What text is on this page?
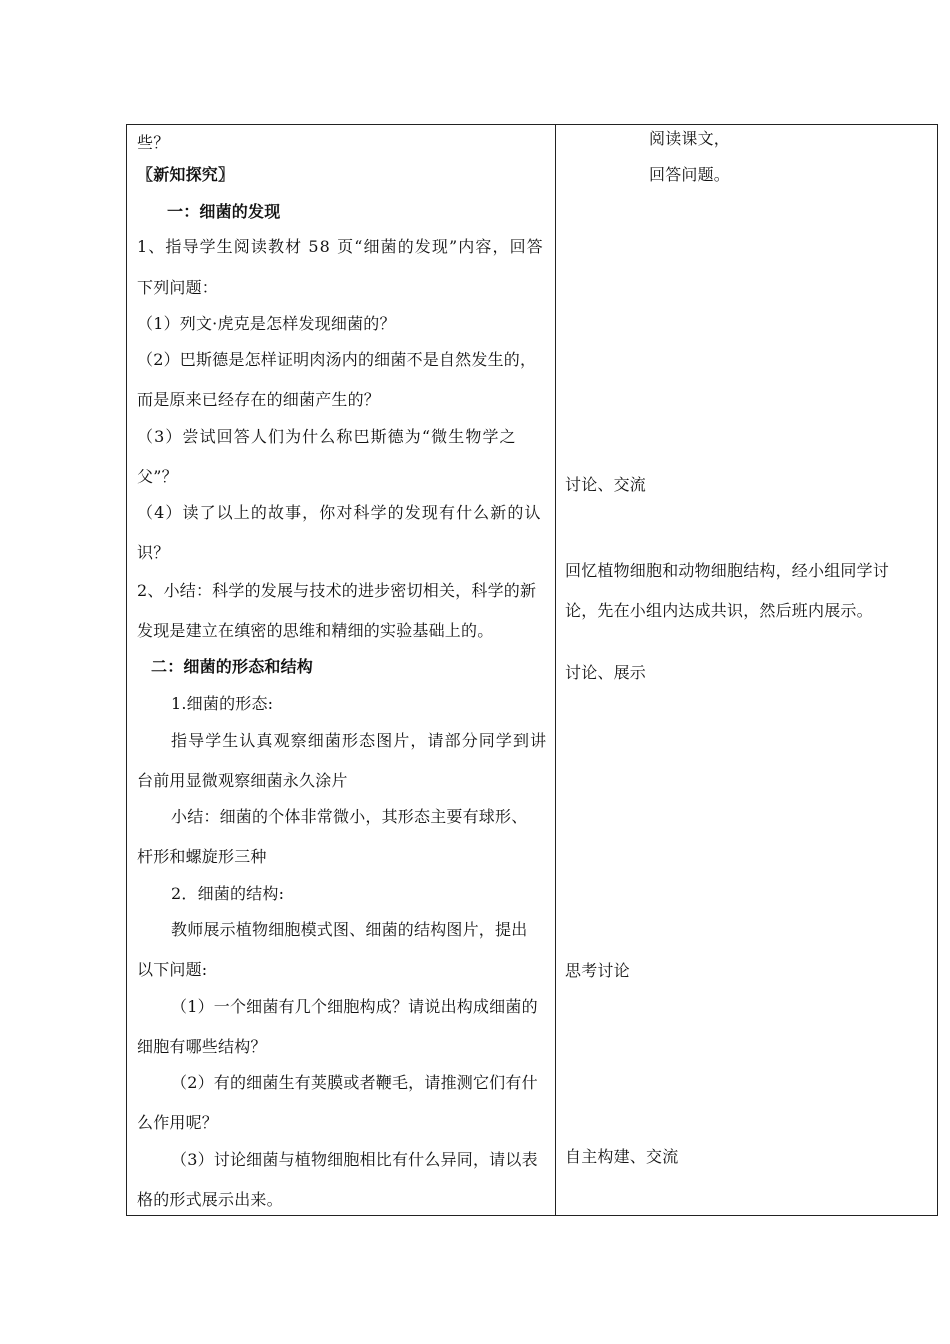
些？
〖新知探究〗
一：细菌的发现
1、指导学生阅读教材 58 页“细菌的发现”内容，回答
下列问题：
（1）列文·虎克是怎样发现细菌的？
（2）巴斯德是怎样证明肉汤内的细菌不是自然发生的，
而是原来已经存在的细菌产生的？
（3）尝试回答人们为什么称巴斯德为“微生物学之
父”？
（4）读了以上的故事，你对科学的发现有什么新的认
识？
2、小结：科学的发展与技术的进步密切相关，科学的新
发现是建立在缜密的思维和精细的实验基础上的。
二：细菌的形态和结构
1.细菌的形态:
指导学生认真观察细菌形态图片，请部分同学到讲
台前用显微观察细菌永久涂片
小结：细菌的个体非常微小，其形态主要有球形、
杆形和螺旋形三种
2．细菌的结构:
教师展示植物细胞模式图、细菌的结构图片，提出
以下问题:
（1）一个细菌有几个细胞构成？请说出构成细菌的
细胞有哪些结构？
（2）有的细菌生有荚膜或者鞭毛，请推测它们有什
么作用呢？
（3）讨论细菌与植物细胞相比有什么异同，请以表
格的形式展示出来。
阅读课文，
回答问题。
讨论、交流
回忆植物细胞和动物细胞结构，经小组同学讨
论，先在小组内达成共识，然后班内展示。
讨论、展示
思考讨论
自主构建、交流
